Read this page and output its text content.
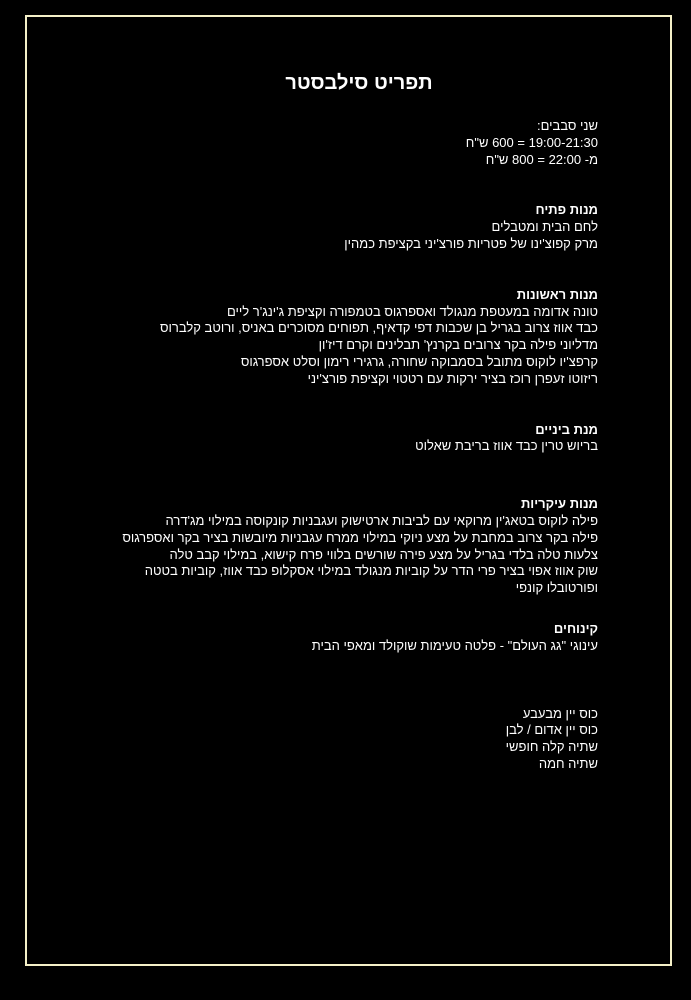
תפריט סילבסטר
שני סבבים:
19:00-21:30 = 600 ש"ח
מ- 22:00 = 800 ש"ח
מנות פתיח
לחם הבית ומטבלים
מרק קפוצ'ינו של פטריות פורצ'יני בקציפת כמהין
מנות ראשונות
טונה אדומה במעטפת מנגולד ואספרגוס בטמפורה וקציפת ג'ינג'ר ליים
כבד אווז צרוב בגריל בן שכבות דפי קדאיף, תפוחים מסוכרים באניס, ורוטב קלברוס
מדליוני פילה בקר צרובים בקרנץ' תבלינים וקרם דיז'ון
קרפצ'יו לוקוס מתובל בסמבוקה שחורה, גרגירי רימון וסלט אספרגוס
ריזוטו זעפרן רוכז בציר ירקות עם רטטוי וקציפת פורצ'יני
מנת ביניים
בריוש טרין כבד אווז בריבת שאלוט
מנות עיקריות
פילה לוקוס בטאג'ין מרוקאי עם לביבות ארטישוק ועגבניות קונקוסה במילוי מג'דרה
פילה בקר צרוב במחבת על מצע ניוקי במילוי ממרח עגבניות מיובשות בציר בקר ואספרגוס
צלעות טלה בלדי בגריל על מצע פירה שורשים בלווי פרח קישוא, במילוי קבב טלה
שוק אווז אפוי בציר פרי הדר על קוביות מנגולד במילוי אסקלופ כבד אווז, קוביות בטטה
ופורטובלו קונפי
קינוחים
עינוגי "גג העולם" - פלטה טעימות שוקולד ומאפי הבית
כוס יין מבעבע
כוס יין אדום / לבן
שתיה קלה חופשי
שתיה חמה
